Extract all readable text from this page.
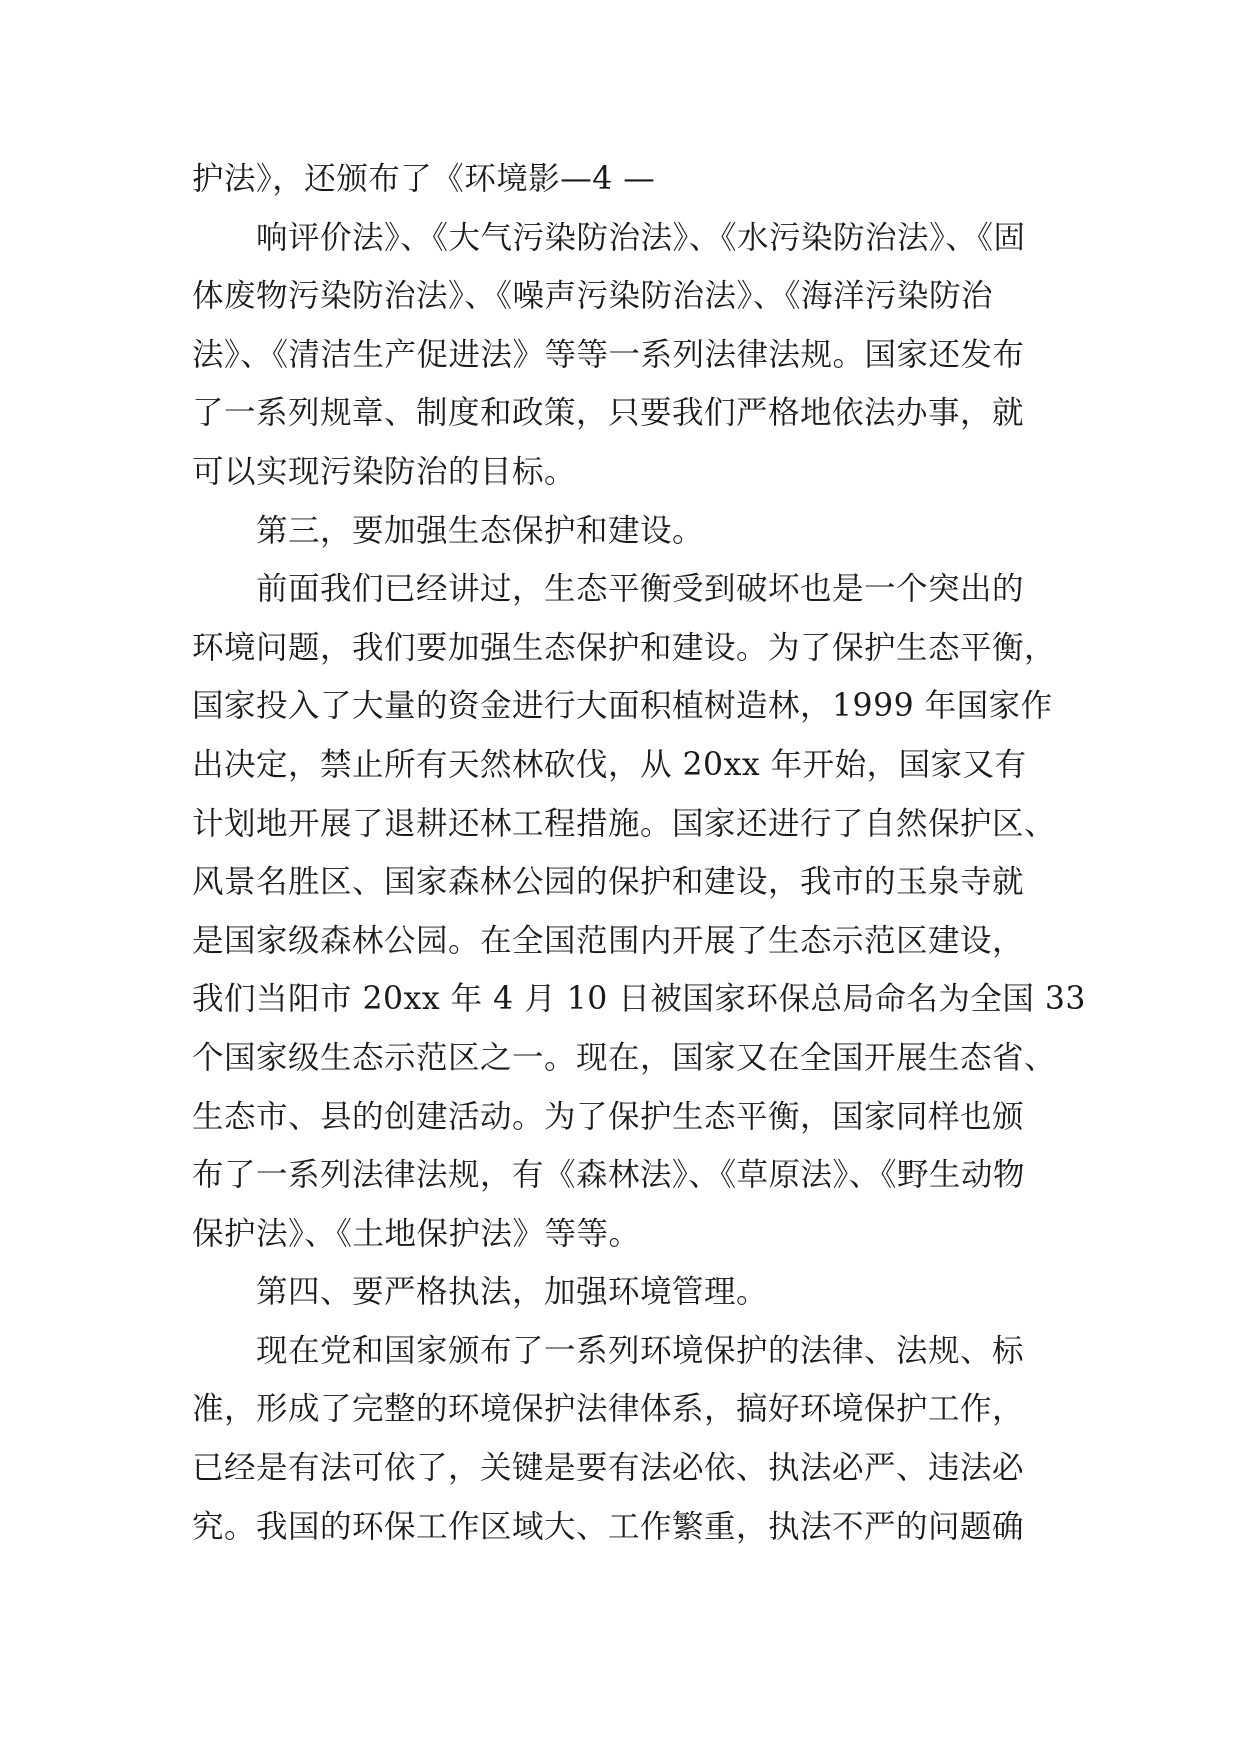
护法》，还颁布了《环境影—4 —
响评价法》、《大气污染防治法》、《水污染防治法》、《固
体废物污染防治法》、《噪声污染防治法》、《海洋污染防治
法》、《清洁生产促进法》等等一系列法律法规。国家还发布
了一系列规章、制度和政策，只要我们严格地依法办事，就
可以实现污染防治的目标。
第三，要加强生态保护和建设。
前面我们已经讲过，生态平衡受到破坏也是一个突出的
环境问题，我们要加强生态保护和建设。为了保护生态平衡，
国家投入了大量的资金进行大面积植树造林，1999 年国家作
出决定，禁止所有天然林砍伐，从 20xx 年开始，国家又有
计划地开展了退耕还林工程措施。国家还进行了自然保护区、
风景名胜区、国家森林公园的保护和建设，我市的玉泉寺就
是国家级森林公园。在全国范围内开展了生态示范区建设，
我们当阳市 20xx 年 4 月 10 日被国家环保总局命名为全国 33
个国家级生态示范区之一。现在，国家又在全国开展生态省、
生态市、县的创建活动。为了保护生态平衡，国家同样也颁
布了一系列法律法规，有《森林法》、《草原法》、《野生动物
保护法》、《土地保护法》等等。
第四、要严格执法，加强环境管理。
现在党和国家颁布了一系列环境保护的法律、法规、标
准，形成了完整的环境保护法律体系，搞好环境保护工作，
已经是有法可依了，关键是要有法必依、执法必严、违法必
究。我国的环保工作区域大、工作繁重，执法不严的问题确
